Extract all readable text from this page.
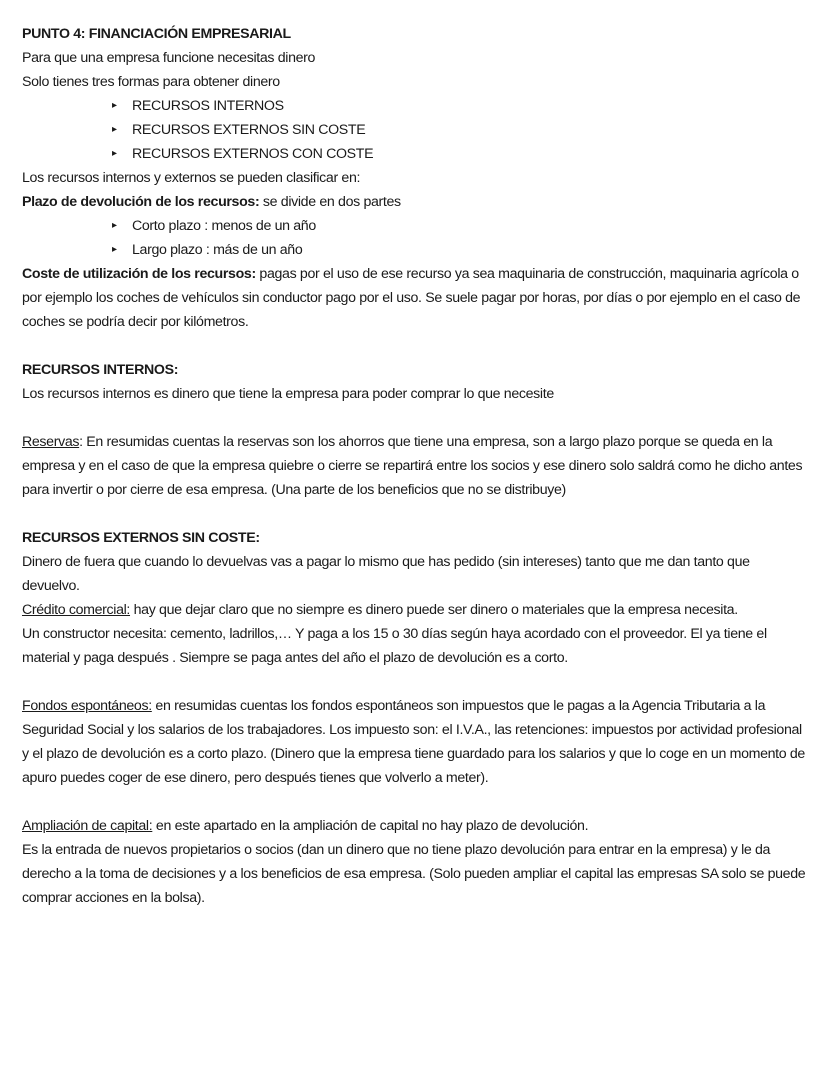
PUNTO 4: FINANCIACIÓN EMPRESARIAL
Para que una empresa funcione necesitas dinero
Solo tienes tres formas para obtener dinero
▸ RECURSOS INTERNOS
▸ RECURSOS EXTERNOS SIN COSTE
▸ RECURSOS EXTERNOS CON COSTE
Los recursos internos y externos se pueden clasificar en:
Plazo de devolución de los recursos: se divide en dos partes
▸ Corto plazo : menos de un año
▸ Largo plazo : más de un año

Coste de utilización de los recursos: pagas por el uso de ese recurso ya sea maquinaria de construcción, maquinaria agrícola o por ejemplo los coches de vehículos sin conductor pago por el uso. Se suele pagar por horas, por días o por ejemplo en el caso de coches se podría decir por kilómetros.

RECURSOS INTERNOS:
Los recursos internos es dinero que tiene la empresa para poder comprar lo que necesite

Reservas: En resumidas cuentas la reservas son los ahorros que tiene una empresa, son a largo plazo porque se queda en la empresa y en el caso de que la empresa quiebre o cierre se repartirá entre los socios y ese dinero solo saldrá como he dicho antes para invertir o por cierre de esa empresa. (Una parte de los beneficios que no se distribuye)

RECURSOS EXTERNOS SIN COSTE:

Dinero de fuera que cuando lo devuelvas vas a pagar lo mismo que has pedido (sin intereses) tanto que me dan tanto que devuelvo.

Crédito comercial: hay que dejar claro que no siempre es dinero puede ser dinero o materiales que la empresa necesita.

Un constructor necesita: cemento, ladrillos,… Y paga a los 15 o 30 días según haya acordado con el proveedor. El ya tiene el material y paga después . Siempre se paga antes del año el plazo de devolución es a corto.

Fondos espontáneos: en resumidas cuentas los fondos espontáneos son impuestos que le pagas a la Agencia Tributaria a la Seguridad Social y los salarios de los trabajadores. Los impuesto son: el I.V.A., las retenciones: impuestos por actividad profesional y el plazo de devolución es a corto plazo. (Dinero que la empresa tiene guardado para los salarios y que lo coge en un momento de apuro puedes coger de ese dinero, pero después tienes que volverlo a meter).

Ampliación de capital: en este apartado en la ampliación de capital no hay plazo de devolución.

Es la entrada de nuevos propietarios o socios (dan un dinero que no tiene plazo devolución para entrar en la empresa) y le da derecho a la toma de decisiones y a los beneficios de esa empresa. (Solo pueden ampliar el capital las empresas SA solo se puede comprar acciones en la bolsa).
